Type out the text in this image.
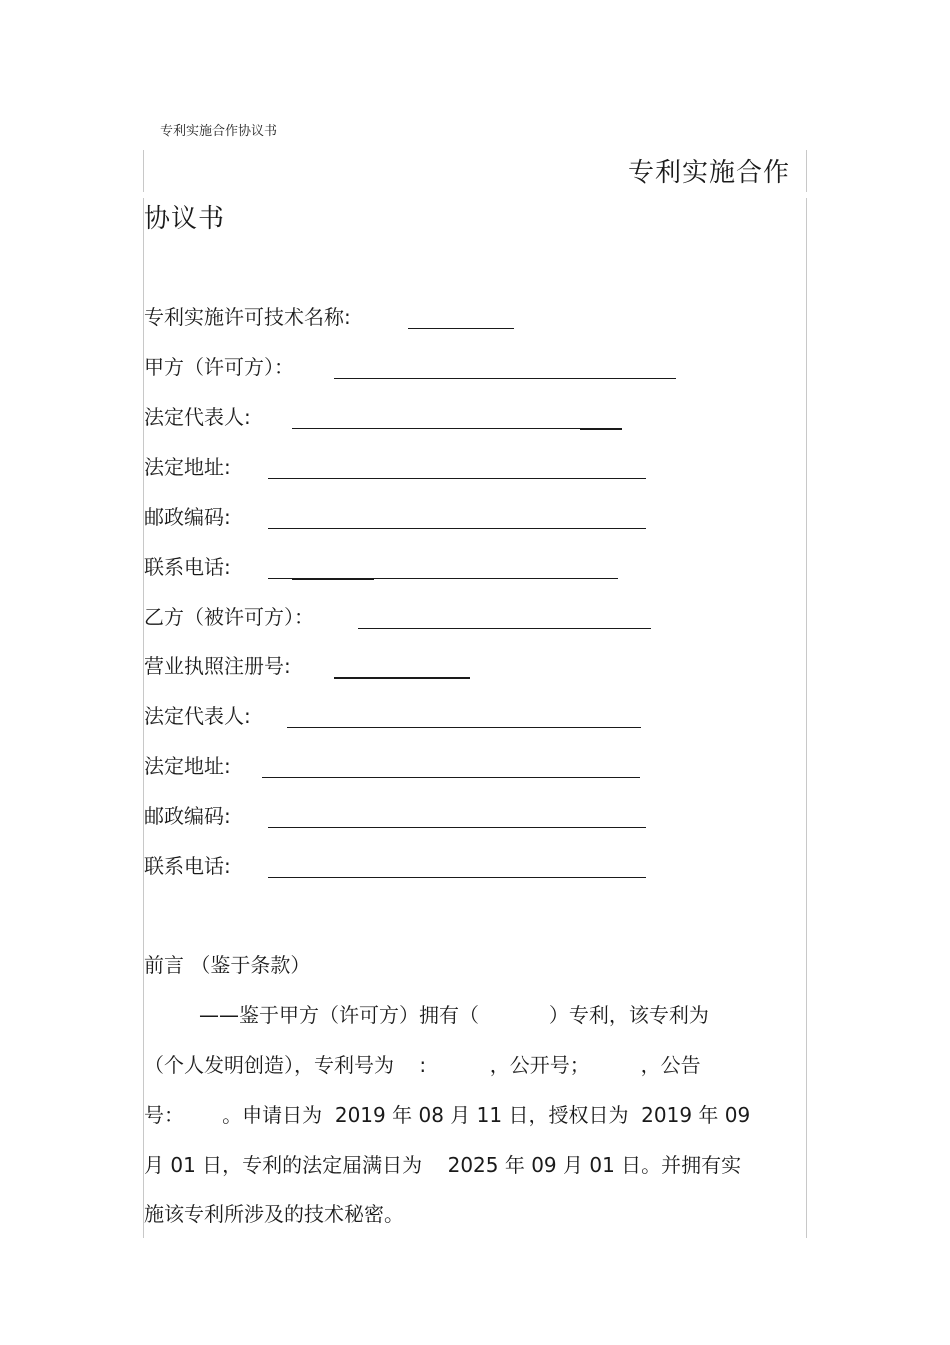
专利实施合作协议书
专利实施合作
协议书
专利实施许可技术名称:
甲方（许可方）：
法定代表人:
法定地址:
邮政编码:
联系电话:
乙方（被许可方）：
营业执照注册号:
法定代表人:
法定地址:
邮政编码:
联系电话:
前言 （鉴于条款）
——鉴于甲方（许可方）拥有（           ）专利，该专利为
（个人发明创造），专利号为    :          ，公开号；        ，公告
号：      。申请日为  2019 年 08 月 11 日，授权日为  2019 年 09
月 01 日，专利的法定届满日为    2025 年 09 月 01 日。并拥有实
施该专利所涉及的技术秘密。
